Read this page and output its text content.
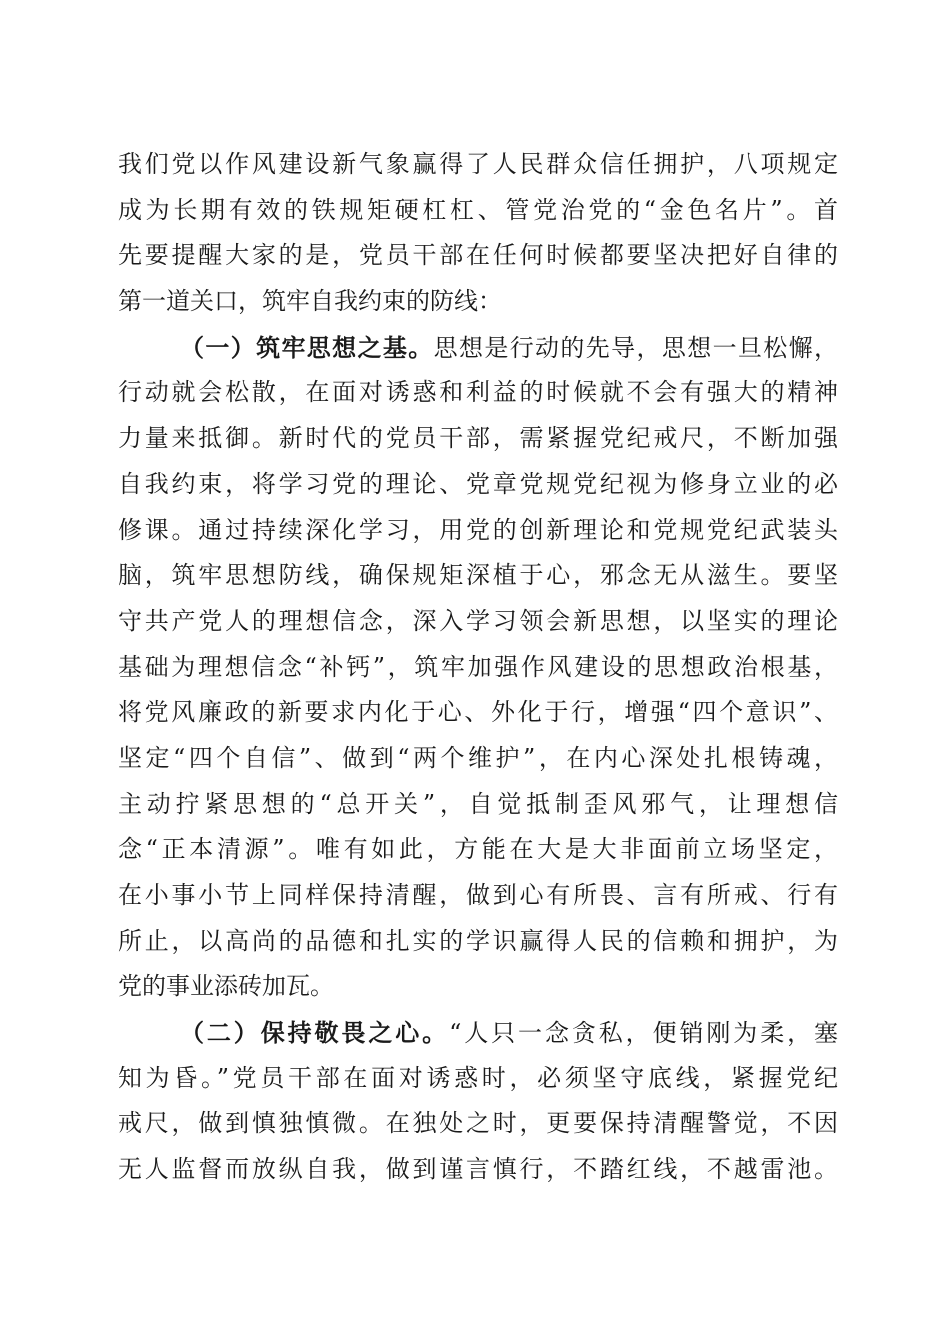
我们党以作风建设新气象赢得了人民群众信任拥护，八项规定
成为长期有效的铁规矩硬杠杠、管党治党的“金色名片”。首
先要提醒大家的是，党员干部在任何时候都要坚决把好自律的
第一道关口，筑牢自我约束的防线：
（一）筑牢思想之基。思想是行动的先导，思想一旦松懈，
行动就会松散，在面对诱惑和利益的时候就不会有强大的精神
力量来抵御。新时代的党员干部，需紧握党纪戒尺，不断加强
自我约束，将学习党的理论、党章党规党纪视为修身立业的必
修课。通过持续深化学习，用党的创新理论和党规党纪武装头
脑，筑牢思想防线，确保规矩深植于心，邪念无从滋生。要坚
守共产党人的理想信念，深入学习领会新思想，以坚实的理论
基础为理想信念“补钙”，筑牢加强作风建设的思想政治根基，
将党风廉政的新要求内化于心、外化于行，增强“四个意识”、
坚定“四个自信”、做到“两个维护”，在内心深处扎根铸魂，
主动拧紧思想的“总开关”，自觉抵制歪风邪气，让理想信
念“正本清源”。唯有如此，方能在大是大非面前立场坚定，
在小事小节上同样保持清醒，做到心有所畏、言有所戒、行有
所止，以高尚的品德和扎实的学识赢得人民的信赖和拥护，为
党的事业添砖加瓦。
（二）保持敬畏之心。“人只一念贪私，便销刚为柔，塞
知为昏。”党员干部在面对诱惑时，必须坚守底线，紧握党纪
戒尺，做到慎独慎微。在独处之时，更要保持清醒警觉，不因
无人监督而放纵自我，做到谨言慎行，不踏红线，不越雷池。
